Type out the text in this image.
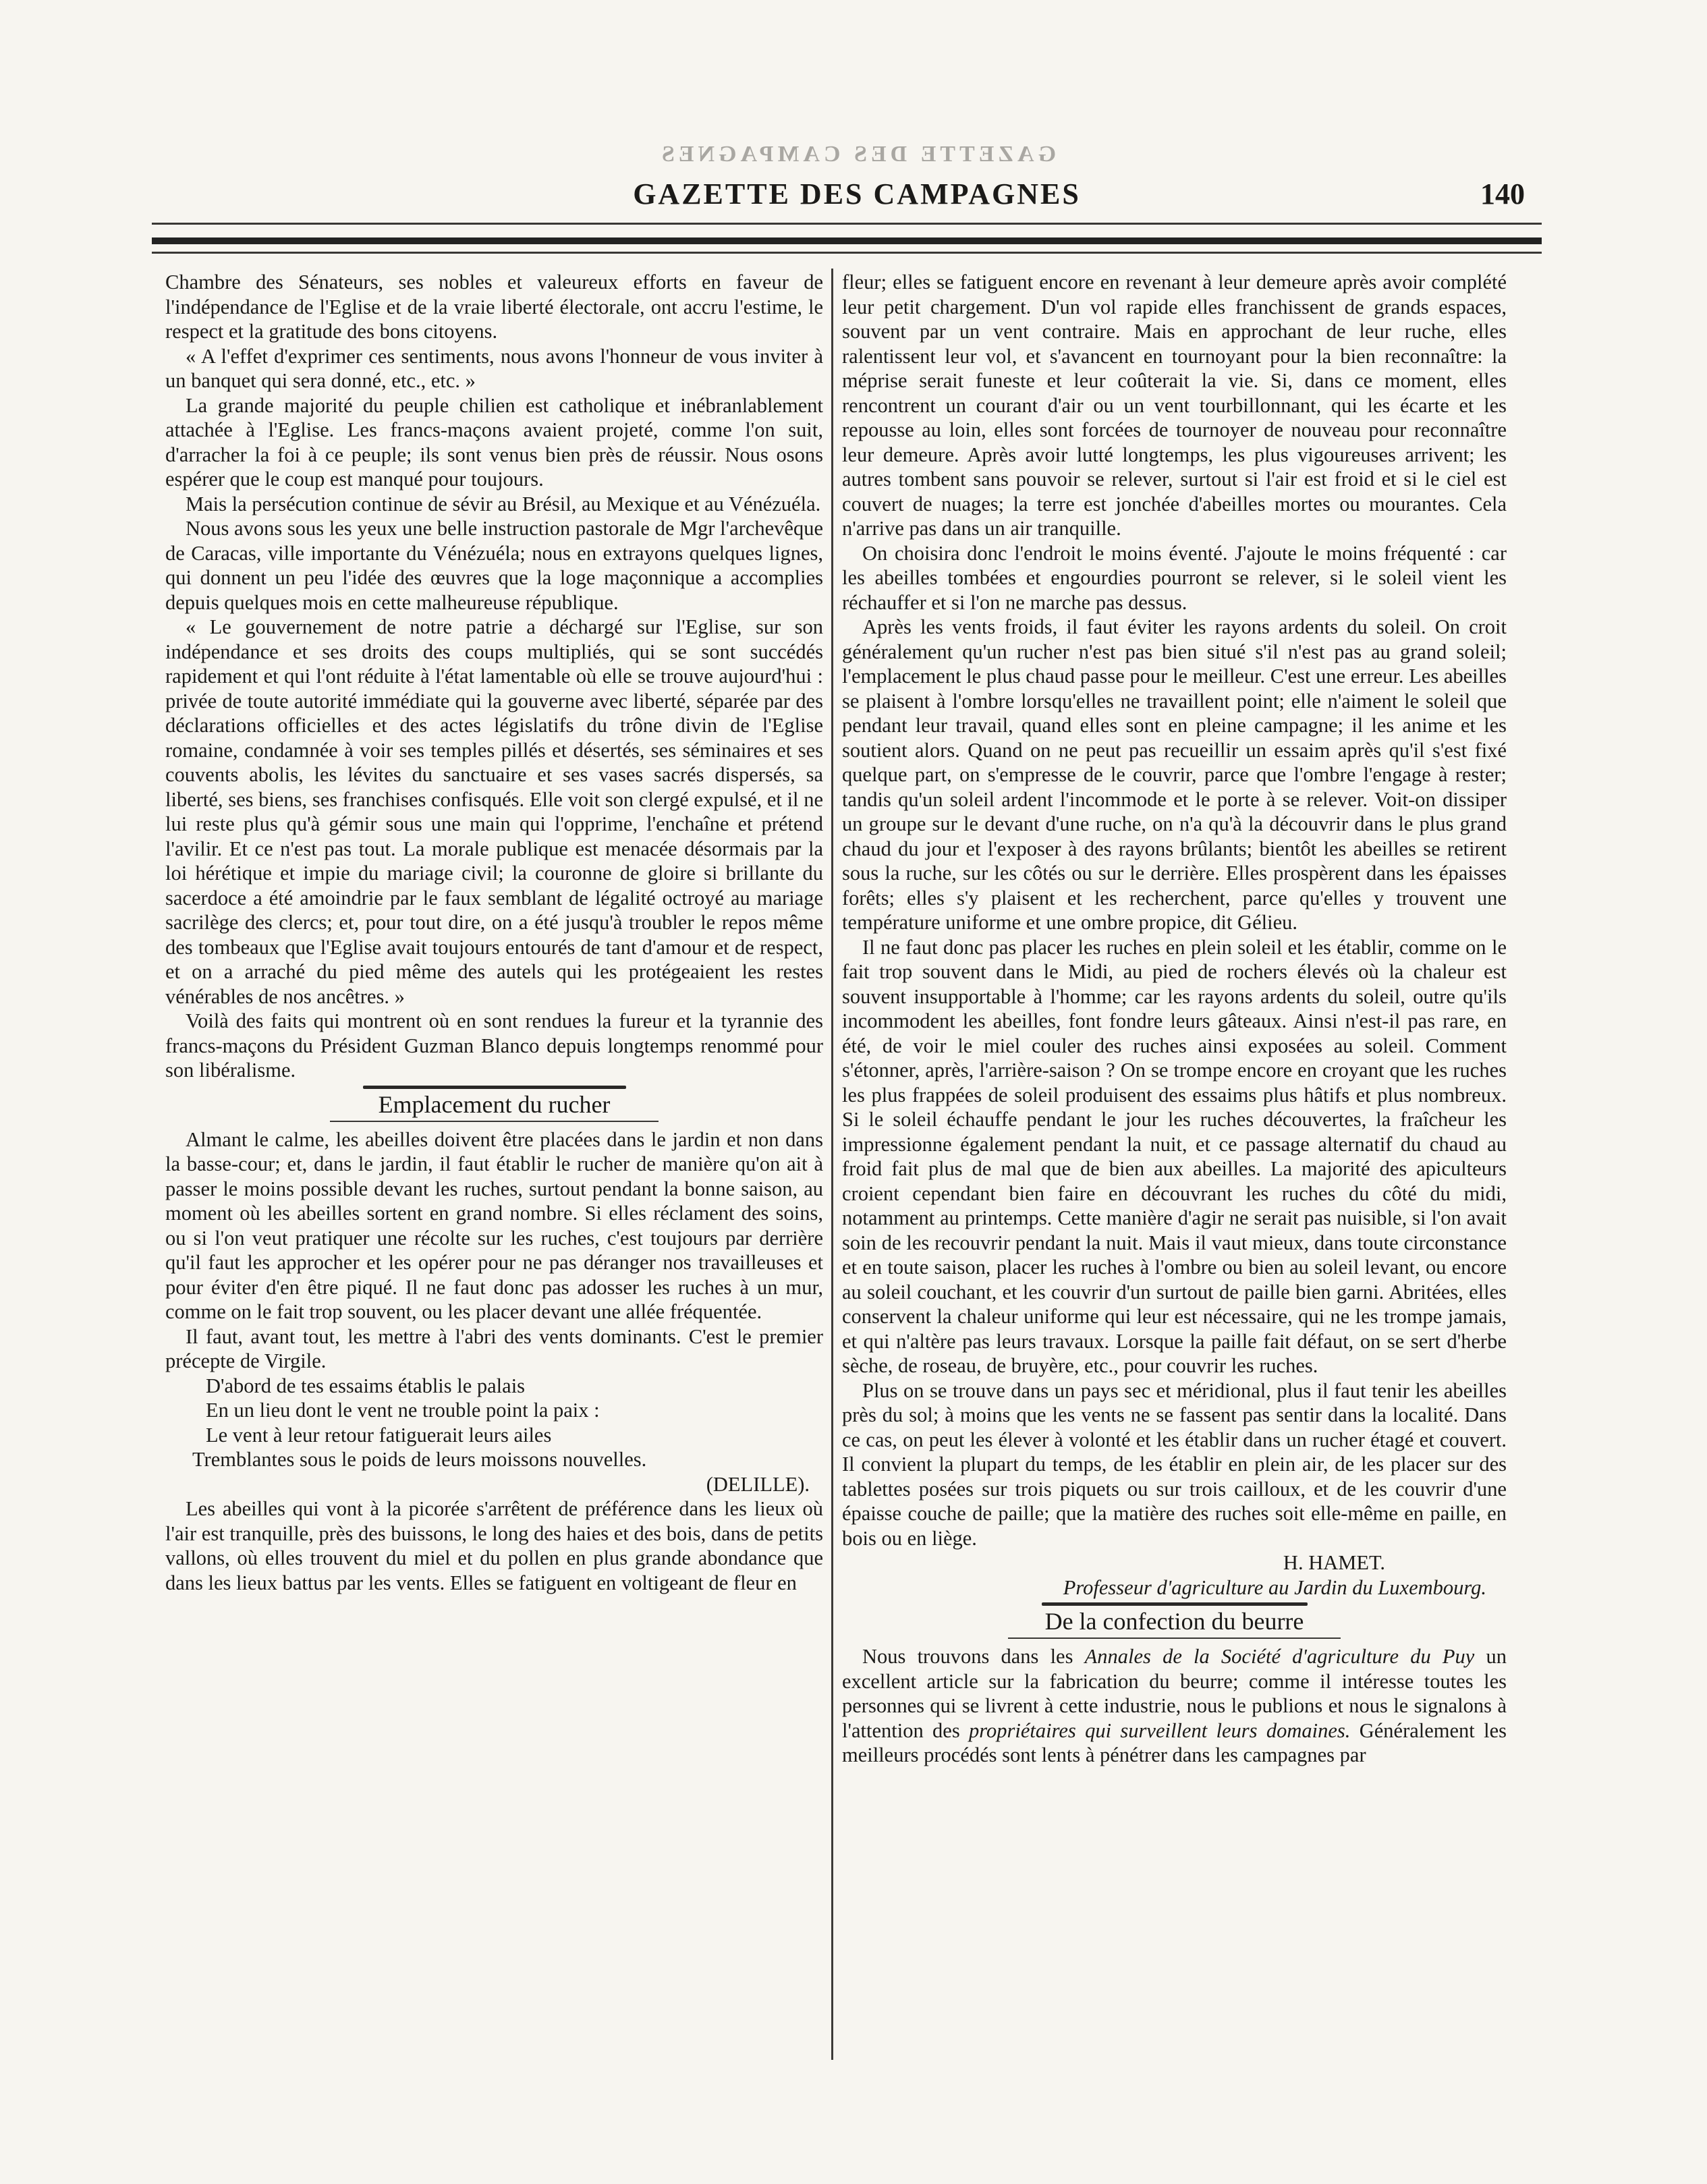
GAZETTE DES CAMPAGNES
GAZETTE DES CAMPAGNES	140

Chambre des Sénateurs, ses nobles et valeureux efforts en faveur de l'indépendance de l'Eglise et de la vraie liberté électorale, ont accru l'estime, le respect et la gratitude des bons citoyens.

« A l'effet d'exprimer ces sentiments, nous avons l'honneur de vous inviter à un banquet qui sera donné, etc., etc. »

La grande majorité du peuple chilien est catholique et inébranlablement attachée à l'Eglise. Les francs-maçons avaient projeté, comme l'on suit, d'arracher la foi à ce peuple; ils sont venus bien près de réussir. Nous osons espérer que le coup est manqué pour toujours.

Mais la persécution continue de sévir au Brésil, au Mexique et au Vénézuéla.

Nous avons sous les yeux une belle instruction pastorale de Mgr l'archevêque de Caracas, ville importante du Vénézuéla; nous en extrayons quelques lignes, qui donnent un peu l'idée des œuvres que la loge maçonnique a accomplies depuis quelques mois en cette malheureuse république.

« Le gouvernement de notre patrie a déchargé sur l'Eglise, sur son indépendance et ses droits des coups multipliés, qui se sont succédés rapidement et qui l'ont réduite à l'état lamentable où elle se trouve aujourd'hui : privée de toute autorité immédiate qui la gouverne avec liberté, séparée par des déclarations officielles et des actes législatifs du trône divin de l'Eglise romaine, condamnée à voir ses temples pillés et désertés, ses séminaires et ses couvents abolis, les lévites du sanctuaire et ses vases sacrés dispersés, sa liberté, ses biens, ses franchises confisqués. Elle voit son clergé expulsé, et il ne lui reste plus qu'à gémir sous une main qui l'opprime, l'enchaîne et prétend l'avilir. Et ce n'est pas tout. La morale publique est menacée désormais par la loi hérétique et impie du mariage civil; la couronne de gloire si brillante du sacerdoce a été amoindrie par le faux semblant de légalité octroyé au mariage sacrilège des clercs; et, pour tout dire, on a été jusqu'à troubler le repos même des tombeaux que l'Eglise avait toujours entourés de tant d'amour et de respect, et on a arraché du pied même des autels qui les protégeaient les restes vénérables de nos ancêtres. »

Voilà des faits qui montrent où en sont rendues la fureur et la tyrannie des francs-maçons du Président Guzman Blanco depuis longtemps renommé pour son libéralisme.

Emplacement du rucher

Almant le calme, les abeilles doivent être placées dans le jardin et non dans la basse-cour; et, dans le jardin, il faut établir le rucher de manière qu'on ait à passer le moins possible devant les ruches, surtout pendant la bonne saison, au moment où les abeilles sortent en grand nombre. Si elles réclament des soins, ou si l'on veut pratiquer une récolte sur les ruches, c'est toujours par derrière qu'il faut les approcher et les opérer pour ne pas déranger nos travailleuses et pour éviter d'en être piqué. Il ne faut donc pas adosser les ruches à un mur, comme on le fait trop souvent, ou les placer devant une allée fréquentée.

Il faut, avant tout, les mettre à l'abri des vents dominants. C'est le premier précepte de Virgile.

D'abord de tes essaims établis le palais

En un lieu dont le vent ne trouble point la paix :

Le vent à leur retour fatiguerait leurs ailes

Tremblantes sous le poids de leurs moissons nouvelles.

(DELILLE).

Les abeilles qui vont à la picorée s'arrêtent de préférence dans les lieux où l'air est tranquille, près des buissons, le long des haies et des bois, dans de petits vallons, où elles trouvent du miel et du pollen en plus grande abondance que dans les lieux battus par les vents. Elles se fatiguent en voltigeant de fleur en

fleur; elles se fatiguent encore en revenant à leur demeure après avoir complété leur petit chargement. D'un vol rapide elles franchissent de grands espaces, souvent par un vent contraire. Mais en approchant de leur ruche, elles ralentissent leur vol, et s'avancent en tournoyant pour la bien reconnaître: la méprise serait funeste et leur coûterait la vie. Si, dans ce moment, elles rencontrent un courant d'air ou un vent tourbillonnant, qui les écarte et les repousse au loin, elles sont forcées de tournoyer de nouveau pour reconnaître leur demeure. Après avoir lutté longtemps, les plus vigoureuses arrivent; les autres tombent sans pouvoir se relever, surtout si l'air est froid et si le ciel est couvert de nuages; la terre est jonchée d'abeilles mortes ou mourantes. Cela n'arrive pas dans un air tranquille.

On choisira donc l'endroit le moins éventé. J'ajoute le moins fréquenté : car les abeilles tombées et engourdies pourront se relever, si le soleil vient les réchauffer et si l'on ne marche pas dessus.

Après les vents froids, il faut éviter les rayons ardents du soleil. On croit généralement qu'un rucher n'est pas bien situé s'il n'est pas au grand soleil; l'emplacement le plus chaud passe pour le meilleur. C'est une erreur. Les abeilles se plaisent à l'ombre lorsqu'elles ne travaillent point; elle n'aiment le soleil que pendant leur travail, quand elles sont en pleine campagne; il les anime et les soutient alors. Quand on ne peut pas recueillir un essaim après qu'il s'est fixé quelque part, on s'empresse de le couvrir, parce que l'ombre l'engage à rester; tandis qu'un soleil ardent l'incommode et le porte à se relever. Voit-on dissiper un groupe sur le devant d'une ruche, on n'a qu'à la découvrir dans le plus grand chaud du jour et l'exposer à des rayons brûlants; bientôt les abeilles se retirent sous la ruche, sur les côtés ou sur le derrière. Elles prospèrent dans les épaisses forêts; elles s'y plaisent et les recherchent, parce qu'elles y trouvent une température uniforme et une ombre propice, dit Gélieu.

Il ne faut donc pas placer les ruches en plein soleil et les établir, comme on le fait trop souvent dans le Midi, au pied de rochers élevés où la chaleur est souvent insupportable à l'homme; car les rayons ardents du soleil, outre qu'ils incommodent les abeilles, font fondre leurs gâteaux. Ainsi n'est-il pas rare, en été, de voir le miel couler des ruches ainsi exposées au soleil. Comment s'étonner, après, l'arrière-saison ? On se trompe encore en croyant que les ruches les plus frappées de soleil produisent des essaims plus hâtifs et plus nombreux. Si le soleil échauffe pendant le jour les ruches découvertes, la fraîcheur les impressionne également pendant la nuit, et ce passage alternatif du chaud au froid fait plus de mal que de bien aux abeilles. La majorité des apiculteurs croient cependant bien faire en découvrant les ruches du côté du midi, notamment au printemps. Cette manière d'agir ne serait pas nuisible, si l'on avait soin de les recouvrir pendant la nuit. Mais il vaut mieux, dans toute circonstance et en toute saison, placer les ruches à l'ombre ou bien au soleil levant, ou encore au soleil couchant, et les couvrir d'un surtout de paille bien garni. Abritées, elles conservent la chaleur uniforme qui leur est nécessaire, qui ne les trompe jamais, et qui n'altère pas leurs travaux. Lorsque la paille fait défaut, on se sert d'herbe sèche, de roseau, de bruyère, etc., pour couvrir les ruches.

Plus on se trouve dans un pays sec et méridional, plus il faut tenir les abeilles près du sol; à moins que les vents ne se fassent pas sentir dans la localité. Dans ce cas, on peut les élever à volonté et les établir dans un rucher étagé et couvert. Il convient la plupart du temps, de les établir en plein air, de les placer sur des tablettes posées sur trois piquets ou sur trois cailloux, et de les couvrir d'une épaisse couche de paille; que la matière des ruches soit elle-même en paille, en bois ou en liège.

H. HAMET.

Professeur d'agriculture au Jardin du Luxembourg.

De la confection du beurre

Nous trouvons dans les Annales de la Société d'agriculture du Puy un excellent article sur la fabrication du beurre; comme il intéresse toutes les personnes qui se livrent à cette industrie, nous le publions et nous le signalons à l'attention des propriétaires qui surveillent leurs domaines. Généralement les meilleurs procédés sont lents à pénétrer dans les campagnes par
